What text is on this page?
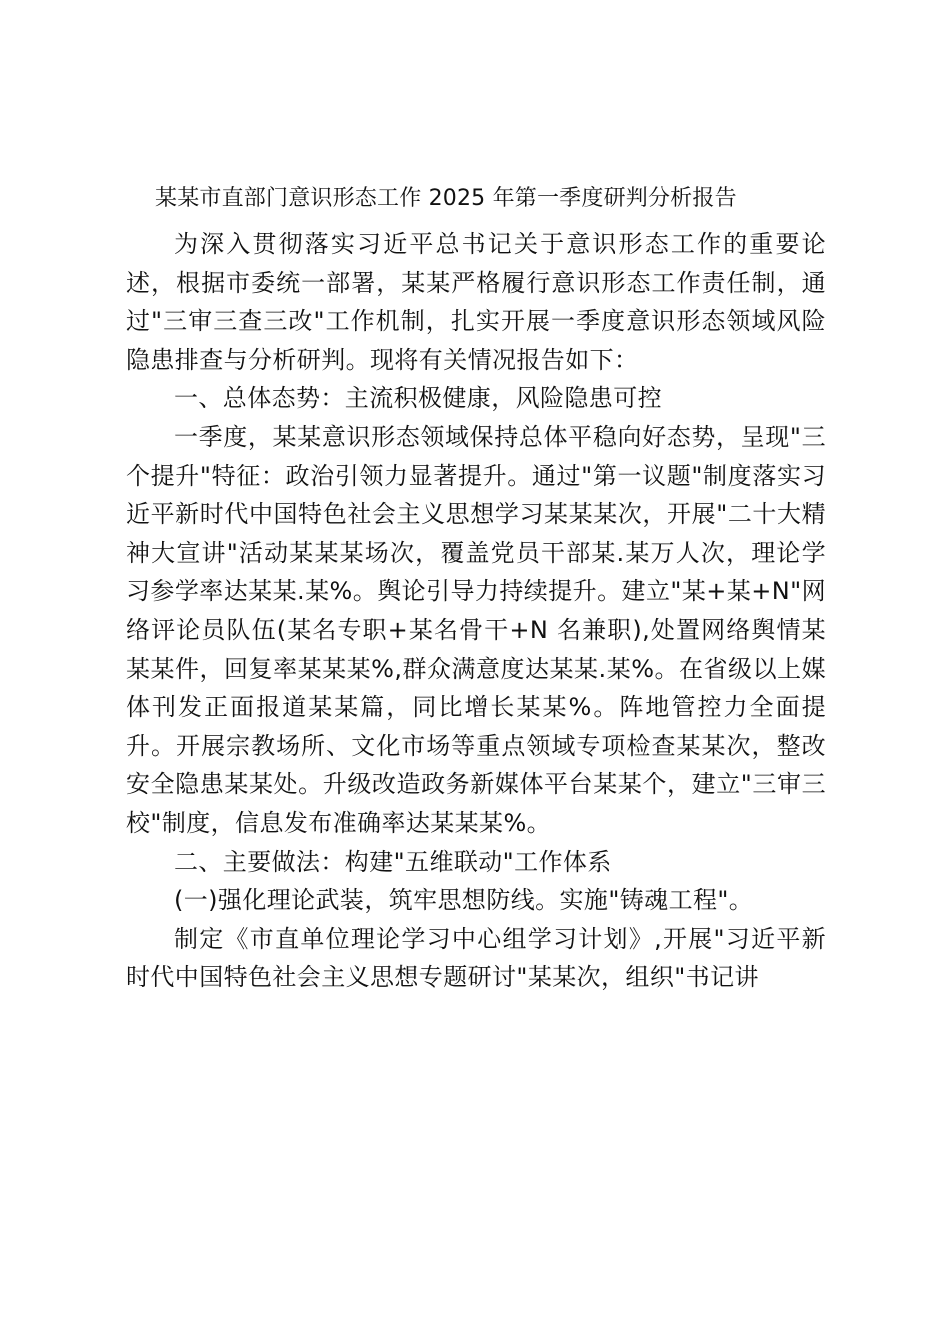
某某市直部门意识形态工作 2025 年第一季度研判分析报告

为深入贯彻落实习近平总书记关于意识形态工作的重要论述，根据市委统一部署，某某严格履行意识形态工作责任制，通过"三审三查三改"工作机制，扎实开展一季度意识形态领域风险隐患排查与分析研判。现将有关情况报告如下：

一、总体态势：主流积极健康，风险隐患可控

一季度，某某意识形态领域保持总体平稳向好态势，呈现"三个提升"特征：政治引领力显著提升。通过"第一议题"制度落实习近平新时代中国特色社会主义思想学习某某某次，开展"二十大精神大宣讲"活动某某某场次，覆盖党员干部某.某万人次，理论学习参学率达某某.某%。舆论引导力持续提升。建立"某+某+N"网络评论员队伍(某名专职+某名骨干+N 名兼职),处置网络舆情某某某件，回复率某某某%,群众满意度达某某.某%。在省级以上媒体刊发正面报道某某篇，同比增长某某%。阵地管控力全面提升。开展宗教场所、文化市场等重点领域专项检查某某次，整改安全隐患某某处。升级改造政务新媒体平台某某个，建立"三审三校"制度，信息发布准确率达某某某%。

二、主要做法：构建"五维联动"工作体系

(一)强化理论武装，筑牢思想防线。实施"铸魂工程"。

制定《市直单位理论学习中心组学习计划》,开展"习近平新时代中国特色社会主义思想专题研讨"某某次，组织"书记讲
